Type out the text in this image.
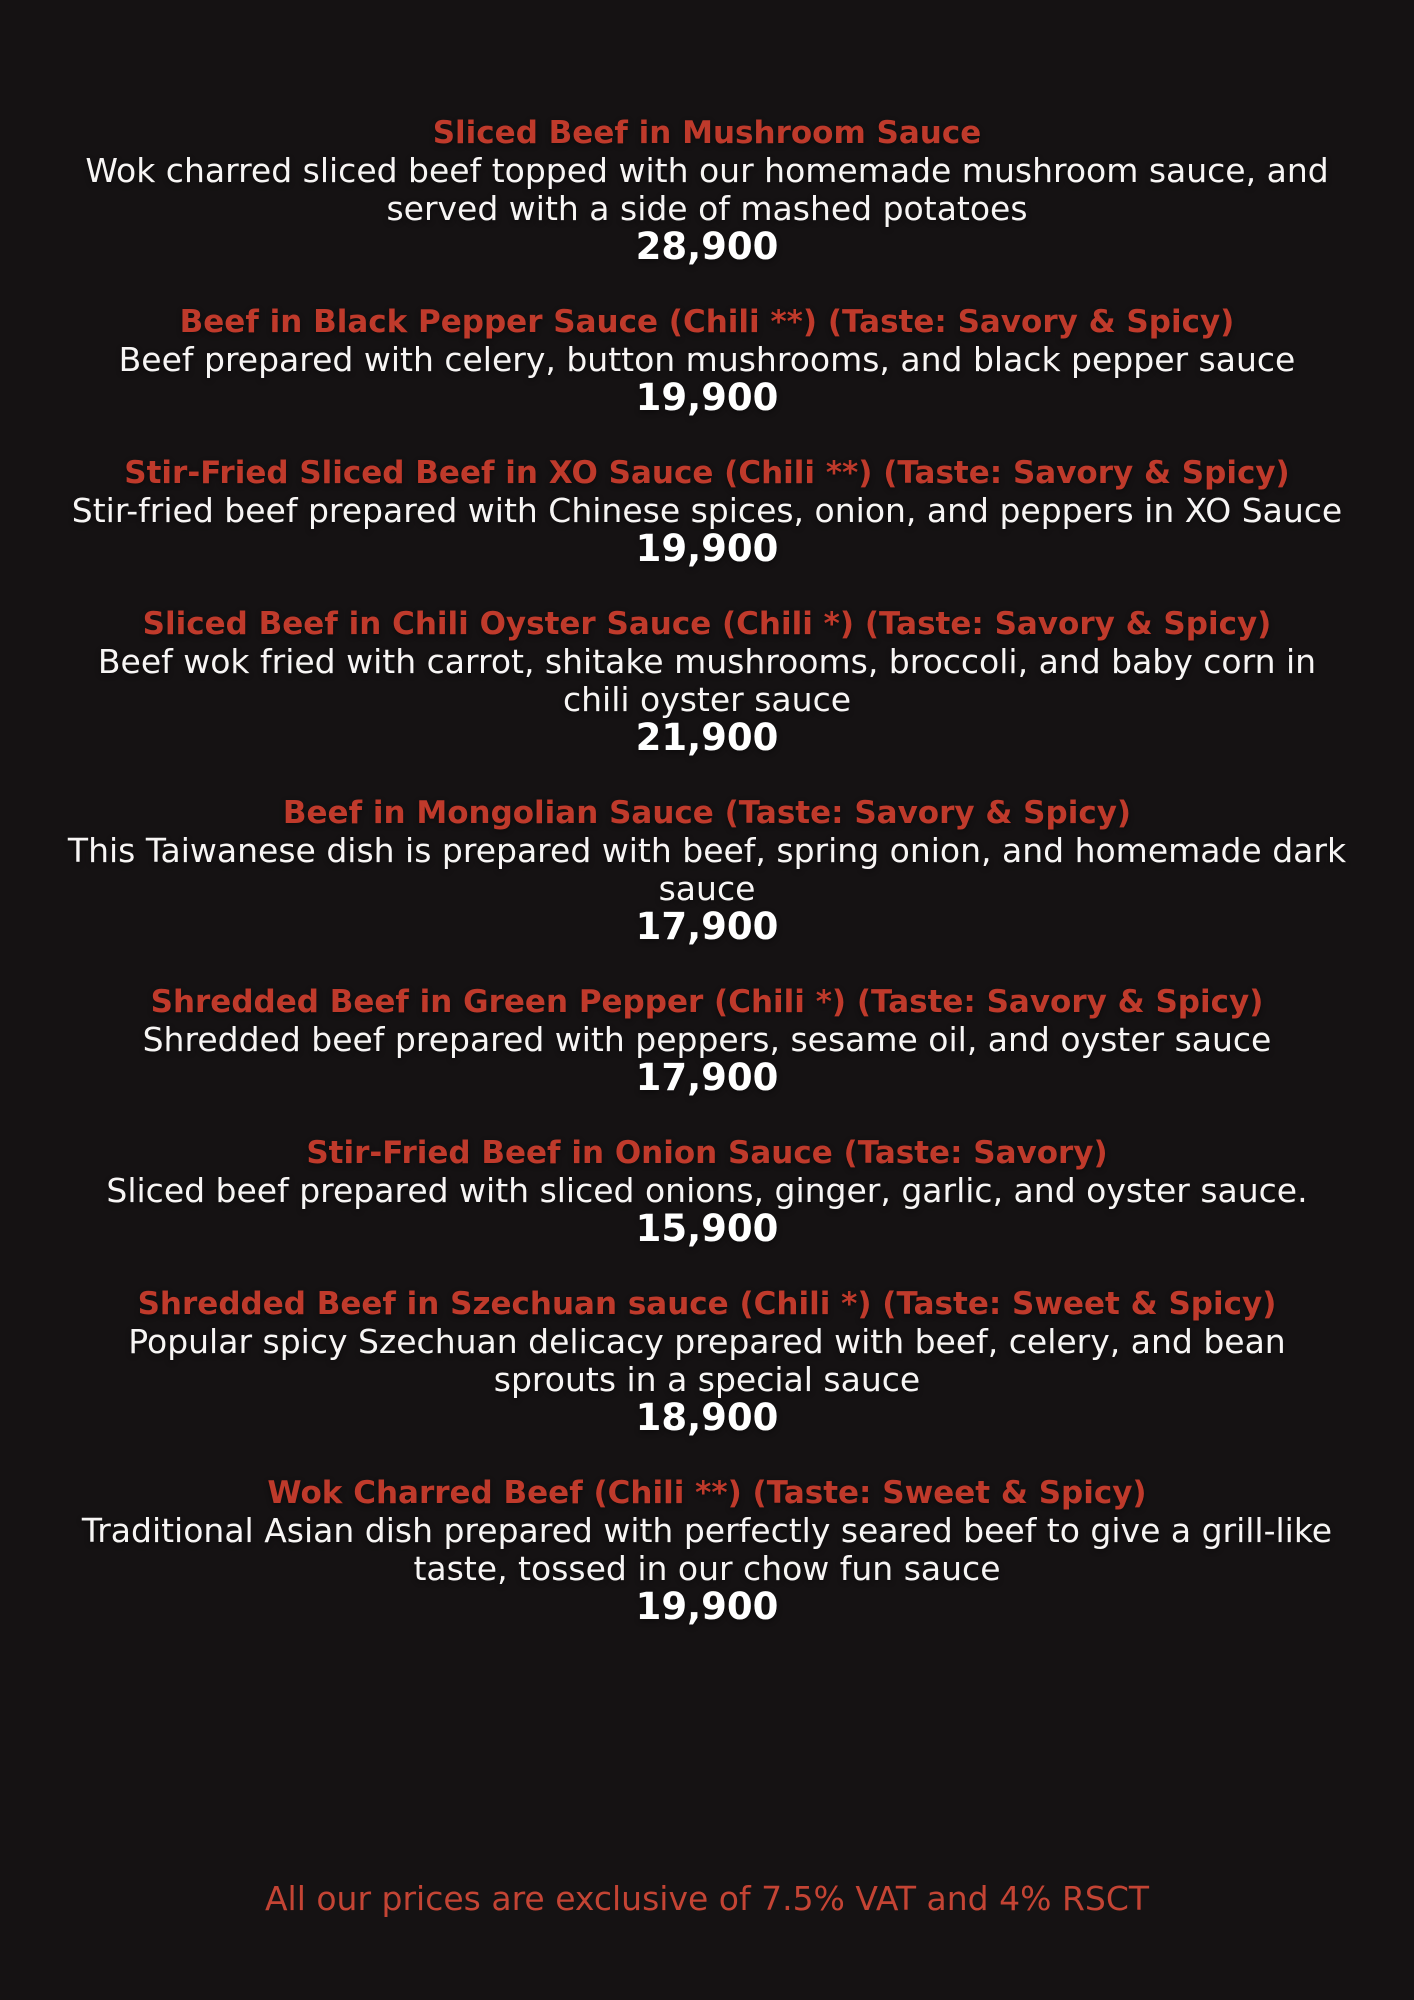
Sliced Beef in Mushroom Sauce
Wok charred sliced beef topped with our homemade mushroom sauce, and
served with a side of mashed potatoes
28,900
Beef in Black Pepper Sauce (Chili **) (Taste: Savory & Spicy)
Beef prepared with celery, button mushrooms, and black pepper sauce
19,900
Stir-Fried Sliced Beef in XO Sauce (Chili **) (Taste: Savory & Spicy)
Stir-fried beef prepared with Chinese spices, onion, and peppers in XO Sauce
19,900
Sliced Beef in Chili Oyster Sauce (Chili *) (Taste: Savory & Spicy)
Beef wok fried with carrot, shitake mushrooms, broccoli, and baby corn in
chili oyster sauce
21,900
Beef in Mongolian Sauce (Taste: Savory & Spicy)
This Taiwanese dish is prepared with beef, spring onion, and homemade dark
sauce
17,900
Shredded Beef in Green Pepper (Chili *) (Taste: Savory & Spicy)
Shredded beef prepared with peppers, sesame oil, and oyster sauce
17,900
Stir-Fried Beef in Onion Sauce (Taste: Savory)
Sliced beef prepared with sliced onions, ginger, garlic, and oyster sauce.
15,900
Shredded Beef in Szechuan sauce (Chili *) (Taste: Sweet & Spicy)
Popular spicy Szechuan delicacy prepared with beef, celery, and bean
sprouts in a special sauce
18,900
Wok Charred Beef (Chili **) (Taste: Sweet & Spicy)
Traditional Asian dish prepared with perfectly seared beef to give a grill-like
taste, tossed in our chow fun sauce
19,900
All our prices are exclusive of 7.5% VAT and 4% RSCT
